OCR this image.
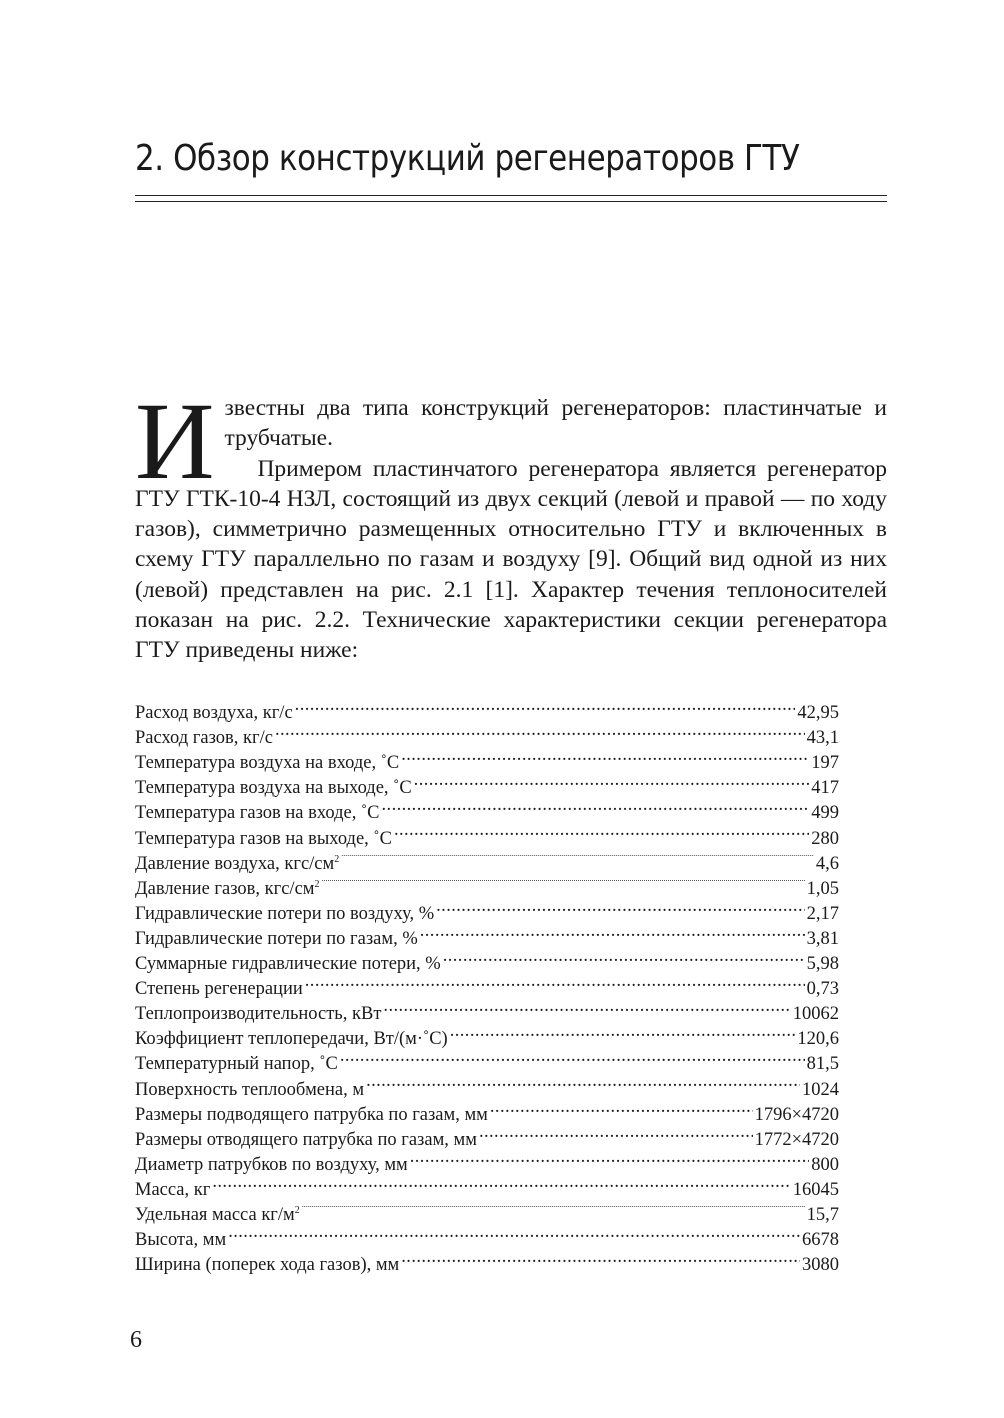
2. Обзор конструкций регенераторов ГТУ

Известны два типа конструкций регенераторов: пластинчатые и трубчатые.

Примером пластинчатого регенератора является регенератор ГТУ ГТК-10-4 НЗЛ, состоящий из двух секций (левой и правой — по ходу газов), симметрично размещенных относительно ГТУ и включенных в схему ГТУ параллельно по газам и воздуху [9]. Общий вид одной из них (левой) представлен на рис. 2.1 [1]. Характер течения теплоносителей показан на рис. 2.2. Технические характеристики секции регенератора ГТУ приведены ниже:

Расход воздуха, кг/с .....	42,95
Расход газов, кг/с .....	43,1
Температура воздуха на входе, ˚С .....	197
Температура воздуха на выходе, ˚С .....	417
Температура газов на входе, ˚С .....	499
Температура газов на выходе, ˚С .....	280
Давление воздуха, кгс/$см^2$ .....	4,6
Давление газов, кгс/$см^2$ .....	1,05
Гидравлические потери по воздуху, % .....	2,17
Гидравлические потери по газам, % .....	3,81
Суммарные гидравлические потери, % .....	5,98
Степень регенерации .....	0,73
Теплопроизводительность, кВт .....	10062
Коэффициент теплопередачи, Вт/(м·˚С) .....	120,6
Температурный напор, ˚С .....	81,5
Поверхность теплообмена, м .....	1024
Размеры подводящего патрубка по газам, мм .....	1796×4720
Размеры отводящего патрубка по газам, мм .....	1772×4720
Диаметр патрубков по воздуху, мм .....	800
Масса, кг .....	16045
Удельная масса $кг/м^2$ .....	15,7
Высота, мм .....	6678
Ширина (поперек хода газов), мм .....	3080
6
